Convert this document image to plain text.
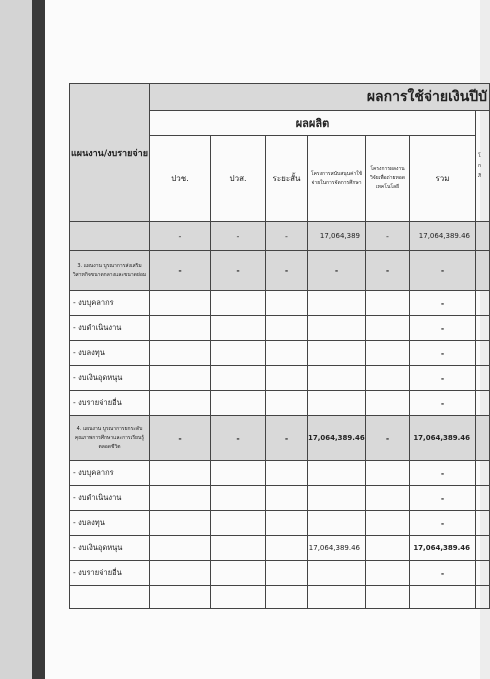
แผนงาน/งบรายจ่าย	ผลการใช้จ่ายเงินปีบั						
	ผลผลิต						โ
ก
ภิ
	ปวช.	ปวส.	ระยะสั้น	โครงการสนับสนุนค่าใช้จ่ายในการจัดการศึกษา	โครงการผลงานวิจัยเพื่อถ่ายทอดเทคโนโลยี	รวม	
	-	-	-	17,064,389	-	17,064,389.46	
3. แผนงาน บูรณาการส่งเสริมวิสาหกิจขนาดกลางและขนาดย่อม	-	-	-	-	-	-	
- งบบุคลากร						-	
- งบดำเนินงาน						-	
- งบลงทุน						-	
- งบเงินอุดหนุน						-	
- งบรายจ่ายอื่น						-	
4. แผนงาน บูรณาการยกระดับคุณภาพการศึกษาและการเรียนรู้ตลอดชีวิต	-	-	-	17,064,389.46	-	17,064,389.46	
- งบบุคลากร						-	
- งบดำเนินงาน						-	
- งบลงทุน						-	
- งบเงินอุดหนุน				17,064,389.46		17,064,389.46	
- งบรายจ่ายอื่น						-	
